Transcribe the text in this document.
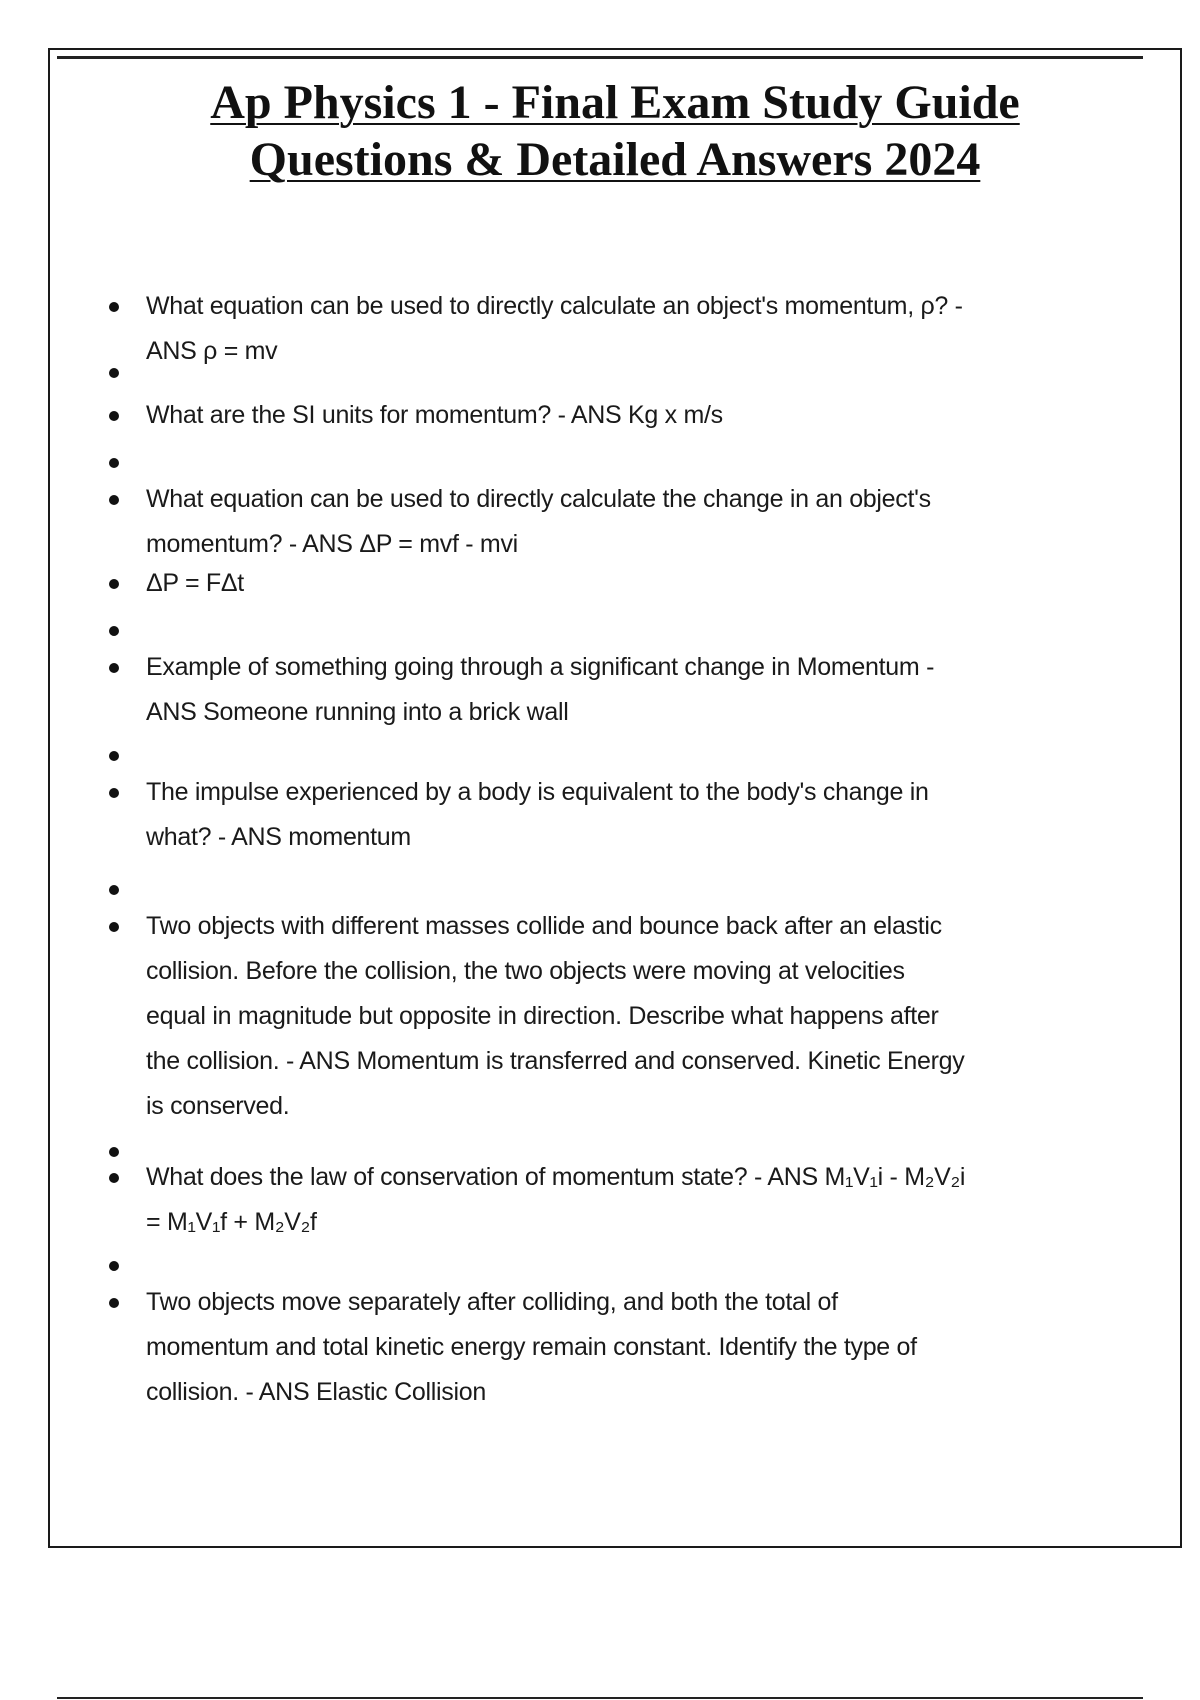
Ap Physics 1 - Final Exam Study Guide
Questions & Detailed Answers 2024
What equation can be used to directly calculate an object's momentum, ρ? -
ANS ρ = mv
What are the SI units for momentum? - ANS Kg x m/s
What equation can be used to directly calculate the change in an object's
momentum? - ANS ΔP = mvf - mvi
ΔP = FΔt
Example of something going through a significant change in Momentum -
ANS Someone running into a brick wall
The impulse experienced by a body is equivalent to the body's change in
what? - ANS momentum
Two objects with different masses collide and bounce back after an elastic
collision. Before the collision, the two objects were moving at velocities
equal in magnitude but opposite in direction. Describe what happens after
the collision. - ANS Momentum is transferred and conserved. Kinetic Energy
is conserved.
What does the law of conservation of momentum state? - ANS M₁V₁i - M₂V₂i
= M₁V₁f + M₂V₂f
Two objects move separately after colliding, and both the total of
momentum and total kinetic energy remain constant. Identify the type of
collision. - ANS Elastic Collision
